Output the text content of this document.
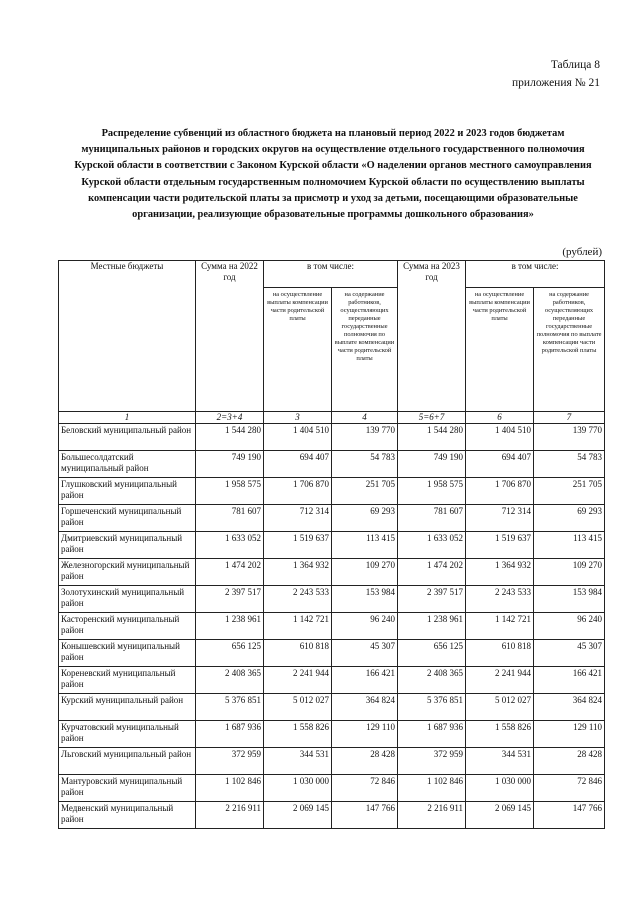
Таблица 8
приложения № 21
Распределение субвенций из областного бюджета на плановый период 2022 и 2023 годов бюджетам муниципальных районов и городских округов на осуществление отдельного государственного полномочия Курской области в соответствии с Законом Курской области «О наделении органов местного самоуправления Курской области отдельным государственным полномочием Курской области по осуществлению выплаты компенсации части родительской платы за присмотр и уход за детьми, посещающими образовательные организации, реализующие образовательные программы дошкольного образования»
(рублей)
Местные бюджеты	Сумма на 2022 год	в том числе:		Сумма на 2023 год	в том числе:	
		на осуществление выплаты компенсации части родительской платы	на содержание работников, осуществляющих переданные государственные полномочия по выплате компенсации части родительской платы		на осуществление выплаты компенсации части родительской платы	на содержание работников, осуществляющих переданные государственные полномочия по выплате компенсации части родительской платы
1	2=3+4	3	4	5=6+7	6	7
Беловский муниципальный район	1 544 280	1 404 510	139 770	1 544 280	1 404 510	139 770
Большесолдатский муниципальный район	749 190	694 407	54 783	749 190	694 407	54 783
Глушковский муниципальный район	1 958 575	1 706 870	251 705	1 958 575	1 706 870	251 705
Горшеченский муниципальный район	781 607	712 314	69 293	781 607	712 314	69 293
Дмитриевский муниципальный район	1 633 052	1 519 637	113 415	1 633 052	1 519 637	113 415
Железногорский муниципальный район	1 474 202	1 364 932	109 270	1 474 202	1 364 932	109 270
Золотухинский муниципальный район	2 397 517	2 243 533	153 984	2 397 517	2 243 533	153 984
Касторенский муниципальный район	1 238 961	1 142 721	96 240	1 238 961	1 142 721	96 240
Конышевский муниципальный район	656 125	610 818	45 307	656 125	610 818	45 307
Кореневский муниципальный район	2 408 365	2 241 944	166 421	2 408 365	2 241 944	166 421
Курский муниципальный район	5 376 851	5 012 027	364 824	5 376 851	5 012 027	364 824
Курчатовский муниципальный район	1 687 936	1 558 826	129 110	1 687 936	1 558 826	129 110
Льговский муниципальный район	372 959	344 531	28 428	372 959	344 531	28 428
Мантуровский муниципальный район	1 102 846	1 030 000	72 846	1 102 846	1 030 000	72 846
Медвенский муниципальный район	2 216 911	2 069 145	147 766	2 216 911	2 069 145	147 766
